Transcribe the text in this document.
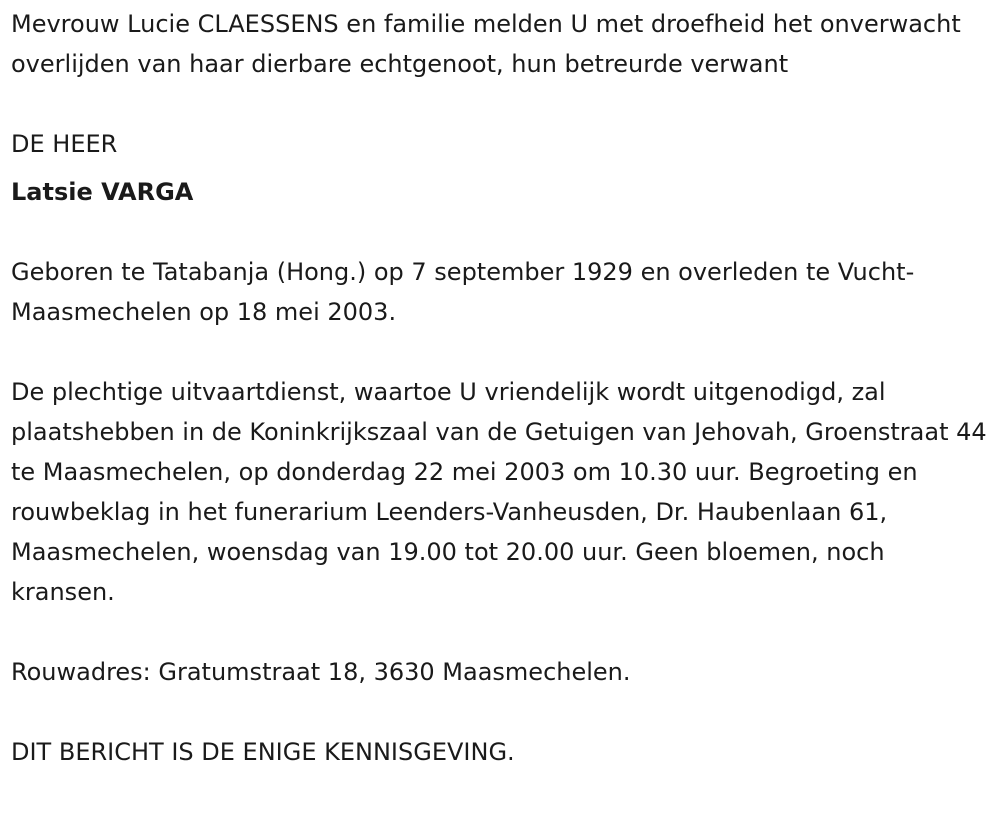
Mevrouw Lucie CLAESSENS en familie melden U met droefheid het onverwacht overlijden van haar dierbare echtgenoot, hun betreurde verwant

DE HEER

Latsie VARGA

Geboren te Tatabanja (Hong.) op 7 september 1929 en overleden te Vucht-Maasmechelen op 18 mei 2003.

De plechtige uitvaartdienst, waartoe U vriendelijk wordt uitgenodigd, zal plaatshebben in de Koninkrijkszaal van de Getuigen van Jehovah, Groenstraat 44 te Maasmechelen, op donderdag 22 mei 2003 om 10.30 uur. Begroeting en rouwbeklag in het funerarium Leenders-Vanheusden, Dr. Haubenlaan 61, Maasmechelen, woensdag van 19.00 tot 20.00 uur. Geen bloemen, noch kransen.

Rouwadres: Gratumstraat 18, 3630 Maasmechelen.

DIT BERICHT IS DE ENIGE KENNISGEVING.
